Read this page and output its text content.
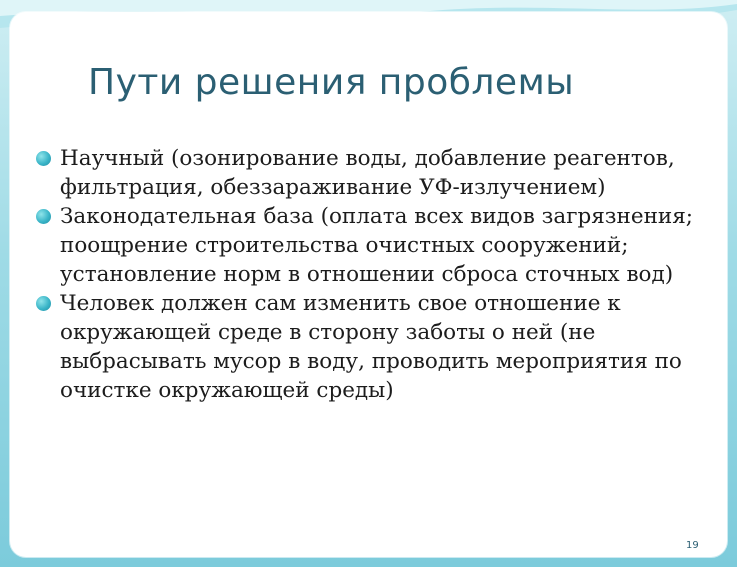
Пути решения проблемы
Научный (озонирование воды, добавление реагентов, фильтрация, обеззараживание УФ-излучением)
Законодательная база (оплата всех видов загрязнения; поощрение строительства очистных сооружений; установление норм в отношении сброса сточных вод)
Человек должен сам изменить свое отношение к окружающей среде в сторону заботы о ней (не выбрасывать мусор в воду, проводить мероприятия по очистке окружающей среды)
19
